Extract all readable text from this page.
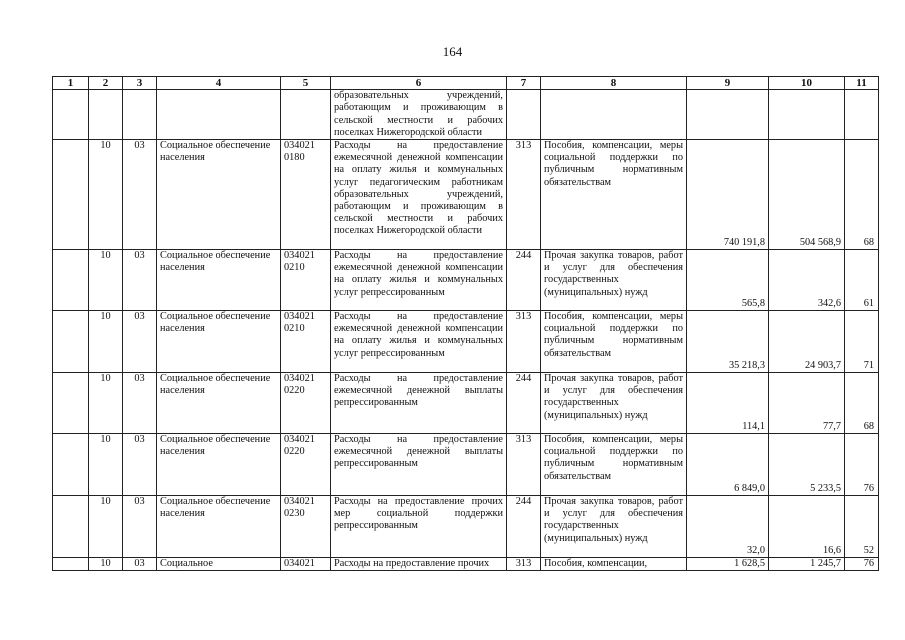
164
1	2	3	4	5	6	7	8	9	10	11
					образовательных учреждений, работающим и проживающим в сельской местности и рабочих поселках Нижегородской области					
	10	03	Социальное обеспечение населения	034021 0180	Расходы на предоставление ежемесячной денежной компенсации на оплату жилья и коммунальных услуг педагогическим работникам образовательных учреждений, работающим и проживающим в сельской местности и рабочих поселках Нижегородской области	313	Пособия, компенсации, меры социальной поддержки по публичным нормативным обязательствам	740 191,8	504 568,9	68
	10	03	Социальное обеспечение населения	034021 0210	Расходы на предоставление ежемесячной денежной компенсации на оплату жилья и коммунальных услуг репрессированным	244	Прочая закупка товаров, работ и услуг для обеспечения государственных (муниципальных) нужд	565,8	342,6	61
	10	03	Социальное обеспечение населения	034021 0210	Расходы на предоставление ежемесячной денежной компенсации на оплату жилья и коммунальных услуг репрессированным	313	Пособия, компенсации, меры социальной поддержки по публичным нормативным обязательствам	35 218,3	24 903,7	71
	10	03	Социальное обеспечение населения	034021 0220	Расходы на предоставление ежемесячной денежной выплаты репрессированным	244	Прочая закупка товаров, работ и услуг для обеспечения государственных (муниципальных) нужд	114,1	77,7	68
	10	03	Социальное обеспечение населения	034021 0220	Расходы на предоставление ежемесячной денежной выплаты репрессированным	313	Пособия, компенсации, меры социальной поддержки по публичным нормативным обязательствам	6 849,0	5 233,5	76
	10	03	Социальное обеспечение населения	034021 0230	Расходы на предоставление прочих мер социальной поддержки репрессированным	244	Прочая закупка товаров, работ и услуг для обеспечения государственных (муниципальных) нужд	32,0	16,6	52
	10	03	Социальное	034021	Расходы на предоставление прочих	313	Пособия, компенсации,	1 628,5	1 245,7	76
